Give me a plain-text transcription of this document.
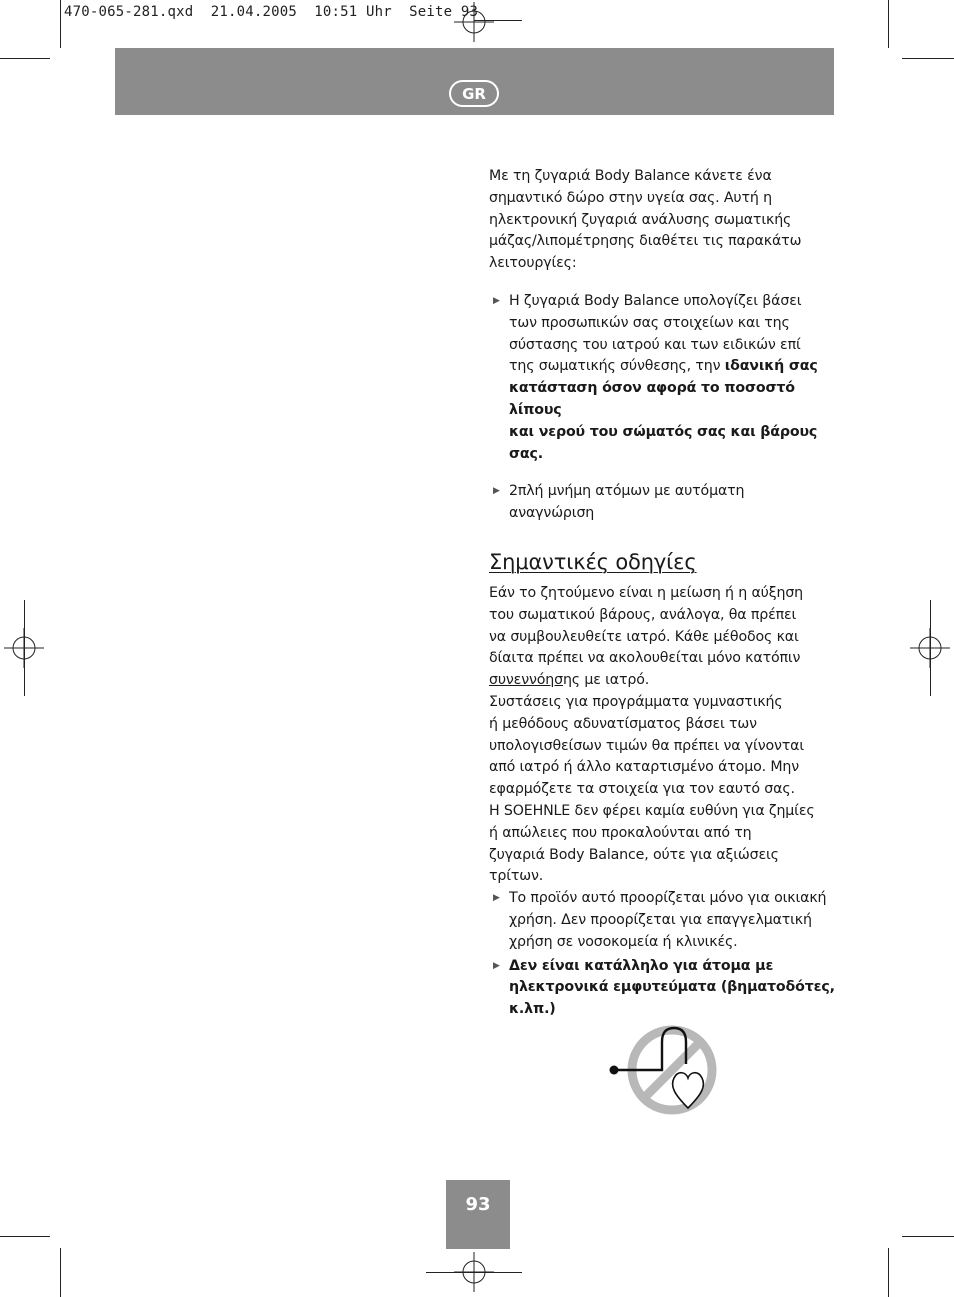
470-065-281.qxd  21.04.2005  10:51 Uhr  Seite 93
GR

Με τη ζυγαριά Body Balance κάνετε ένα
σημαντικό δώρο στην υγεία σας. Αυτή η
ηλεκτρονική ζυγαριά ανάλυσης σωματικής
μάζας/λιπομέτρησης διαθέτει τις παρακάτω
λειτουργίες:

▶ Η ζυγαριά Body Balance υπολογίζει βάσει
των προσωπικών σας στοιχείων και της
σύστασης του ιατρού και των ειδικών επί
της σωματικής σύνθεσης, την ιδανική σας
κατάσταση όσον αφορά το ποσοστό λίπους
και νερού του σώματός σας και βάρους
σας.

▶ 2πλή μνήμη ατόμων με αυτόματη
αναγνώριση

Σημαντικές οδηγίες

Εάν το ζητούμενο είναι η μείωση ή η αύξηση
του σωματικού βάρους, ανάλογα, θα πρέπει
να συμβουλευθείτε ιατρό. Κάθε μέθοδος και
δίαιτα πρέπει να ακολουθείται μόνο κατόπιν
συνεννόησης με ιατρό.

Συστάσεις για προγράμματα γυμναστικής
ή μεθόδους αδυνατίσματος βάσει των
υπολογισθείσων τιμών θα πρέπει να γίνονται
από ιατρό ή άλλο καταρτισμένο άτομο. Μην
εφαρμόζετε τα στοιχεία για τον εαυτό σας.
Η SOEHNLE δεν φέρει καμία ευθύνη για ζημίες
ή απώλειες που προκαλούνται από τη
ζυγαριά Body Balance, ούτε για αξιώσεις
τρίτων.

▶ Το προϊόν αυτό προορίζεται μόνο για οικιακή
χρήση. Δεν προορίζεται για επαγγελματική
χρήση σε νοσοκομεία ή κλινικές.

▶ Δεν είναι κατάλληλο για άτομα με
ηλεκτρονικά εμφυτεύματα (βηματοδότες,
κ.λπ.)

93
